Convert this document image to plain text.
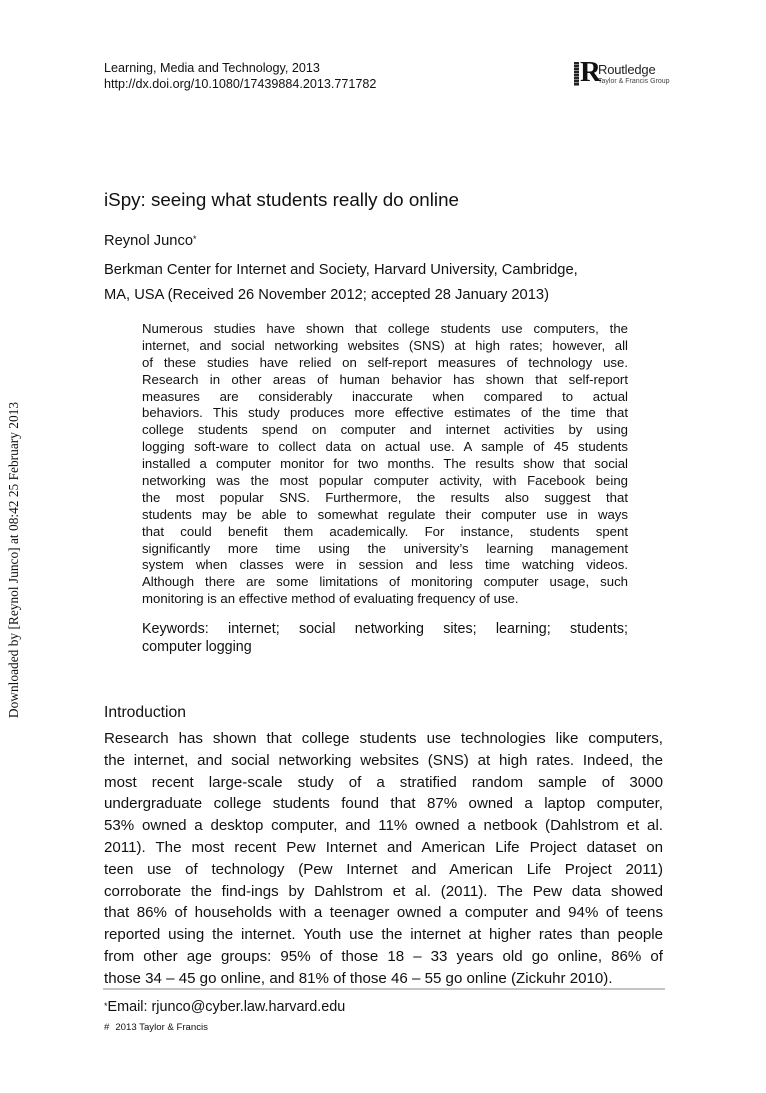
Learning, Media and Technology, 2013
http://dx.doi.org/10.1080/17439884.2013.771782	R
Routledge
Taylor & Francis Group
Downloaded by [Reynol Junco] at 08:42 25 February 2013
iSpy: seeing what students really do online
Reynol Junco*
Berkman Center for Internet and Society, Harvard University, Cambridge,
MA, USA (Received 26 November 2012; accepted 28 January 2013)
Numerous studies have shown that college students use computers, the
internet, and social networking websites (SNS) at high rates; however, all
of these studies have relied on self-report measures of technology use.
Research in other areas of human behavior has shown that self-report
measures are considerably inaccurate when compared to actual
behaviors. This study produces more effective estimates of the time that
college students spend on computer and internet activities by using
logging soft-ware to collect data on actual use. A sample of 45 students
installed a computer monitor for two months. The results show that social
networking was the most popular computer activity, with Facebook being
the most popular SNS. Furthermore, the results also suggest that
students may be able to somewhat regulate their computer use in ways
that could benefit them academically. For instance, students spent
significantly more time using the university’s learning management
system when classes were in session and less time watching videos.
Although there are some limitations of monitoring computer usage, such
monitoring is an effective method of evaluating frequency of use.
Keywords: internet; social networking sites; learning; students;
computer logging
Introduction
Research has shown that college students use technologies like computers,
the internet, and social networking websites (SNS) at high rates. Indeed, the
most recent large-scale study of a stratified random sample of 3000
undergraduate college students found that 87% owned a laptop computer,
53% owned a desktop computer, and 11% owned a netbook (Dahlstrom et al.
2011). The most recent Pew Internet and American Life Project dataset on
teen use of technology (Pew Internet and American Life Project 2011)
corroborate the find-ings by Dahlstrom et al. (2011). The Pew data showed
that 86% of households with a teenager owned a computer and 94% of teens
reported using the internet. Youth use the internet at higher rates than people
from other age groups: 95% of those 18 – 33 years old go online, 86% of
those 34 – 45 go online, and 81% of those 46 – 55 go online (Zickuhr 2010).
*Email: rjunco@cyber.law.harvard.edu
# 2013 Taylor & Francis
